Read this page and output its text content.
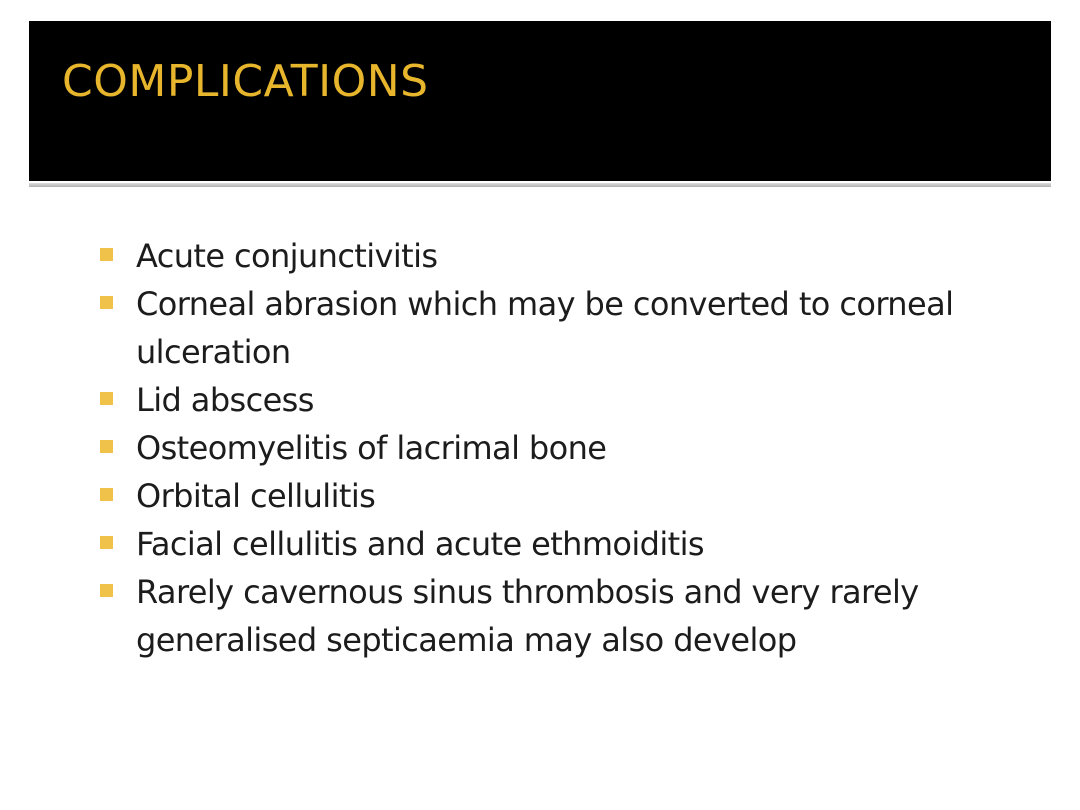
COMPLICATIONS
Acute conjunctivitis
Corneal abrasion which may be converted to corneal ulceration
Lid abscess
Osteomyelitis of lacrimal bone
Orbital cellulitis
Facial cellulitis and acute ethmoiditis
Rarely cavernous sinus thrombosis and very rarely generalised septicaemia may also develop
